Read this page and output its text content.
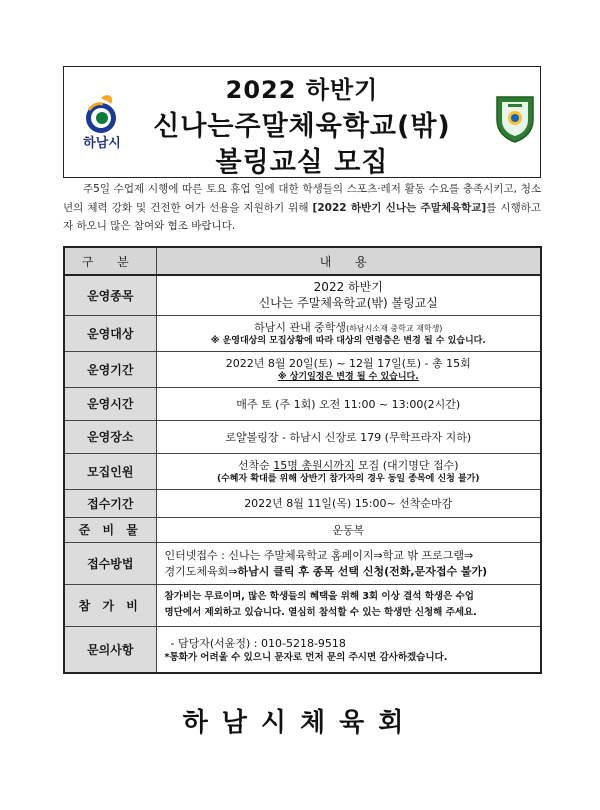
2022 하반기
신나는주말체육학교(밖)
볼링교실 모집
하남시
주5일 수업제 시행에 따른 토요 휴업 일에 대한 학생들의 스포츠·레저 활동 수요를 충족시키고, 청소년의 체력 강화 및 건전한 여가 선용을 지원하기 위해 [2022 하반기 신나는 주말체육학교]를 시행하고자 하오니 많은 참여와 협조 바랍니다.
구 분	내 용
운영종목	2022 하반기
신나는 주말체육학교(밖) 볼링교실

운영대상	하남시 관내 중학생(하남시소재 중학교 재학생)
※ 운영대상의 모집상황에 따라 대상의 연령층은 변경 될 수 있습니다.

운영기간	2022년 8월 20일(토) ~ 12월 17일(토) - 총 15회
※ 상기일정은 변경 될 수 있습니다.

운영시간	매주 토 (주 1회) 오전 11:00 ~ 13:00(2시간)
운영장소	로얄볼링장 - 하남시 신장로 179 (무학프라자 지하)
모집인원	선착순 15명 총원시까지 모집 (대기명단 접수)
(수혜자 확대를 위해 상반기 참가자의 경우 동일 종목에 신청 불가)

접수기간	2022년 8월 11일(목) 15:00~ 선착순마감
준 비 물	운동복
접수방법	인터넷접수 : 신나는 주말체육학교 홈페이지⇒학교 밖 프로그램⇒
경기도체육회⇒하남시 클릭 후 종목 선택 신청(전화,문자접수 불가)

참 가 비	참가비는 무료이며, 많은 학생들의 혜택을 위해 3회 이상 결석 학생은 수업
명단에서 제외하고 있습니다. 열심히 참석할 수 있는 학생만 신청해 주세요.

문의사항	- 담당자(서윤정) : 010-5218-9518
*통화가 어려울 수 있으니 문자로 먼저 문의 주시면 감사하겠습니다.
하남시체육회
